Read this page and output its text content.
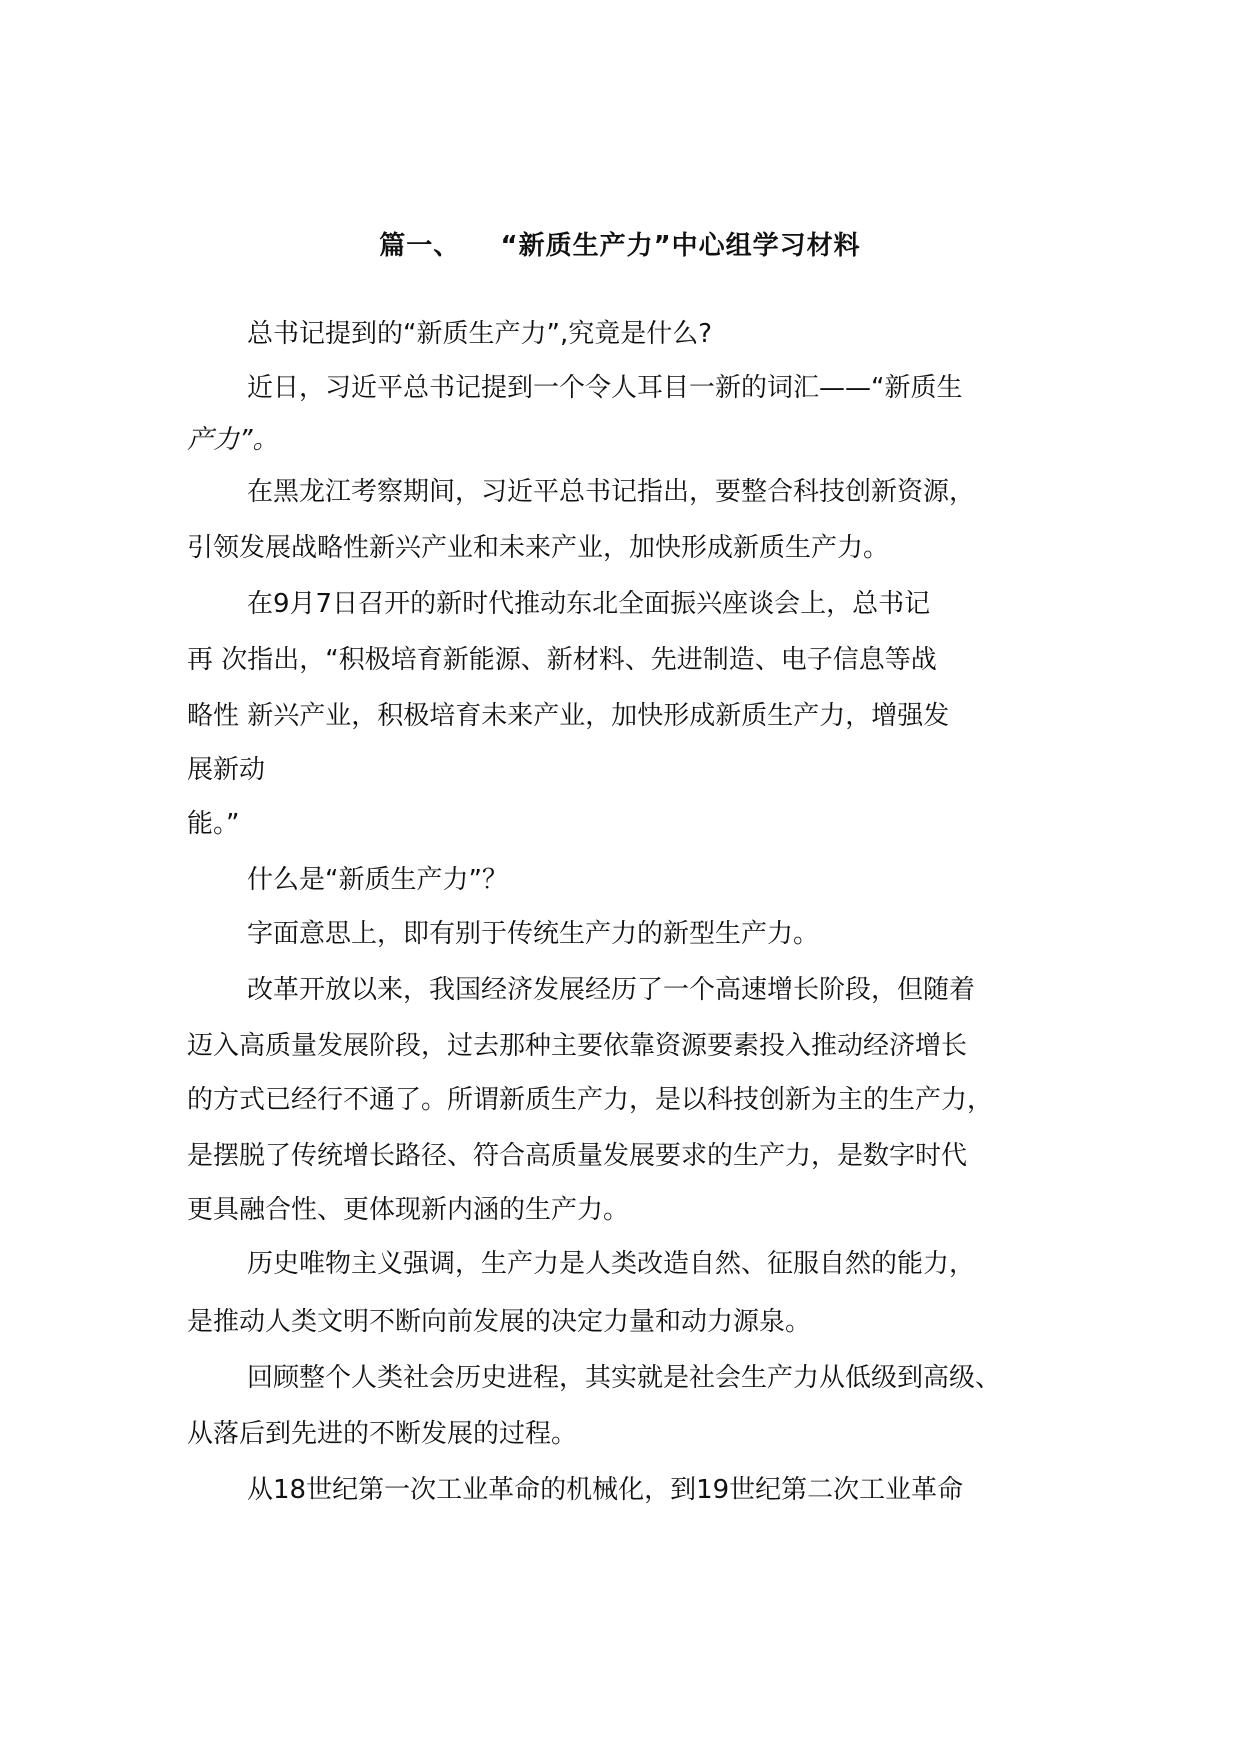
篇一、    “新质生产力”中心组学习材料
总书记提到的“新质生产力”,究竟是什么?
近日，习近平总书记提到一个令人耳目一新的词汇——“新质生
产力”。
在黑龙江考察期间，习近平总书记指出，要整合科技创新资源，
引领发展战略性新兴产业和未来产业，加快形成新质生产力。
在9月7日召开的新时代推动东北全面振兴座谈会上，总书记
再 次指出，“积极培育新能源、新材料、先进制造、电子信息等战
略性 新兴产业，积极培育未来产业，加快形成新质生产力，增强发
展新动
能。”
什么是“新质生产力”？
字面意思上，即有别于传统生产力的新型生产力。
改革开放以来，我国经济发展经历了一个高速增长阶段，但随着
迈入高质量发展阶段，过去那种主要依靠资源要素投入推动经济增长
的方式已经行不通了。所谓新质生产力，是以科技创新为主的生产力，
是摆脱了传统增长路径、符合高质量发展要求的生产力，是数字时代
更具融合性、更体现新内涵的生产力。
历史唯物主义强调，生产力是人类改造自然、征服自然的能力，
是推动人类文明不断向前发展的决定力量和动力源泉。
回顾整个人类社会历史进程，其实就是社会生产力从低级到高级、
从落后到先进的不断发展的过程。
从18世纪第一次工业革命的机械化，到19世纪第二次工业革命
